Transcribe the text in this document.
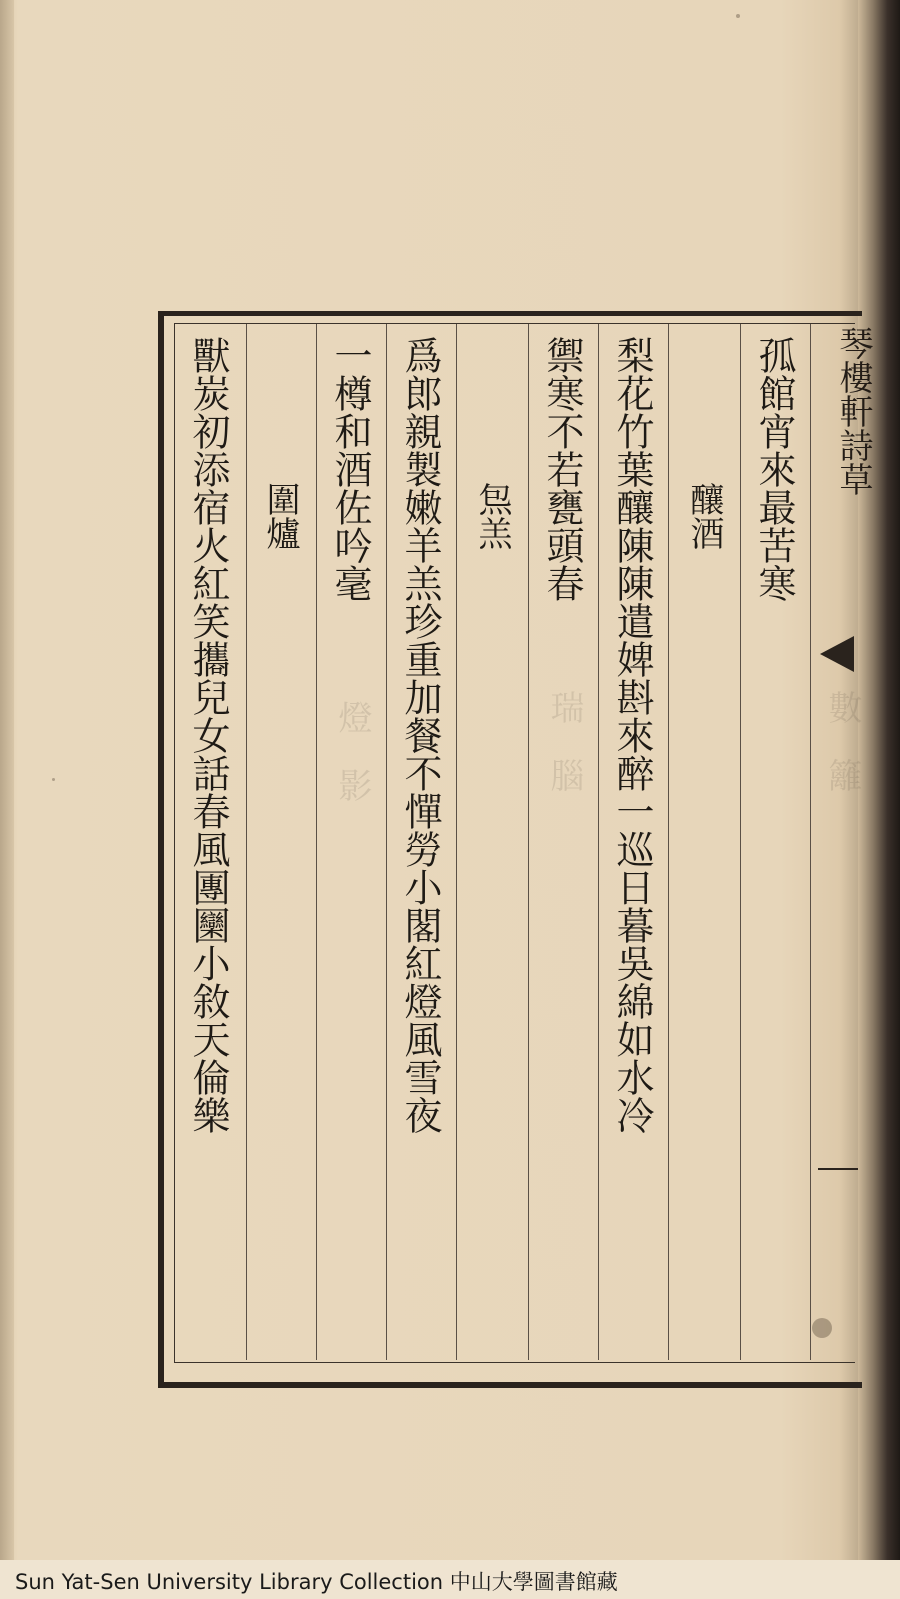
數　籬
瑞　腦
燈　影
琴樓軒詩草
孤館宵來最苦寒
釀酒
梨花竹葉釀陳陳遣婢斟來醉一巡日暮吳綿如水冷
禦寒不若甕頭春
炰羔
爲郎親製嫩羊羔珍重加餐不憚勞小閣紅燈風雪夜
一樽和酒佐吟毫
圍爐
獸炭初添宿火紅笑攜兒女話春風團圞小敘天倫樂
Sun Yat-Sen University Library Collection 中山大學圖書館藏
